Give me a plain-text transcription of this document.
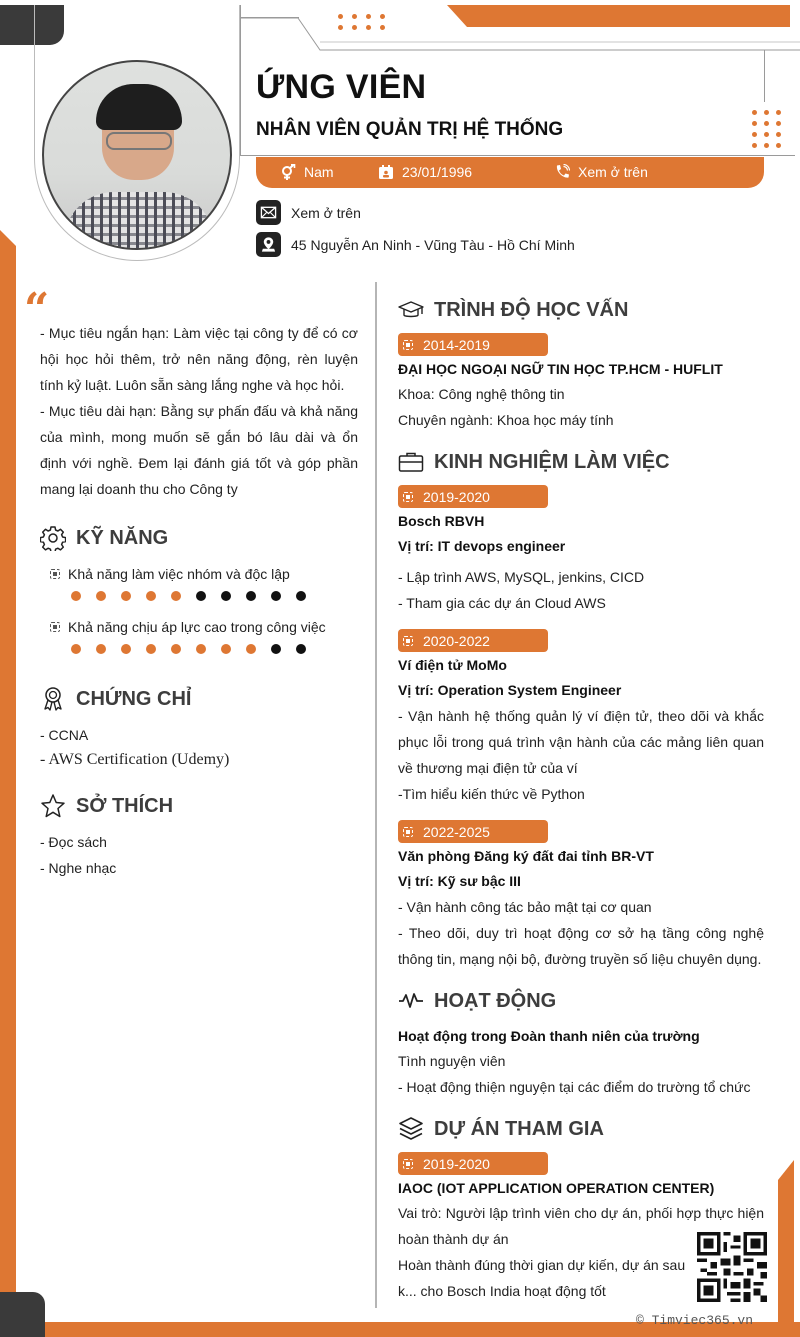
ỨNG VIÊN
NHÂN VIÊN QUẢN TRỊ HỆ THỐNG
Nam	23/01/1996	Xem ở trên
Xem ở trên
45 Nguyễn An Ninh - Vũng Tàu - Hồ Chí Minh
“
- Mục tiêu ngắn hạn: Làm việc tại công ty để có cơ hội học hỏi thêm, trở nên năng động, rèn luyện tính kỷ luật. Luôn sẵn sàng lắng nghe và học hỏi.
- Mục tiêu dài hạn: Bằng sự phấn đấu và khả năng của mình, mong muốn sẽ gắn bó lâu dài và ổn định với nghề. Đem lại đánh giá tốt và góp phần mang lại doanh thu cho Công ty
KỸ NĂNG
Khả năng làm việc nhóm và độc lập
Khả năng chịu áp lực cao trong công việc
CHỨNG CHỈ
- CCNA
- AWS Certification (Udemy)
SỞ THÍCH
- Đọc sách
- Nghe nhạc
TRÌNH ĐỘ HỌC VẤN
2014-2019
ĐẠI HỌC NGOẠI NGỮ TIN HỌC TP.HCM - HUFLIT
Khoa: Công nghệ thông tin
Chuyên ngành: Khoa học máy tính
KINH NGHIỆM LÀM VIỆC
2019-2020
Bosch RBVH
Vị trí: IT devops engineer
- Lập trình AWS, MySQL, jenkins, CICD
- Tham gia các dự án Cloud AWS
2020-2022
Ví điện tử MoMo
Vị trí: Operation System Engineer
- Vận hành hệ thống quản lý ví điện tử, theo dõi và khắc phục lỗi trong quá trình vận hành của các mảng liên quan về thương mại điện tử của ví
-Tìm hiểu kiến thức về Python
2022-2025
Văn phòng Đăng ký đất đai tỉnh BR-VT
Vị trí: Kỹ sư bậc III
- Vận hành công tác bảo mật tại cơ quan
- Theo dõi, duy trì hoạt động cơ sở hạ tầng công nghệ thông tin, mạng nội bộ, đường truyền số liệu chuyên dụng.
HOẠT ĐỘNG
Hoạt động trong Đoàn thanh niên của trường
Tình nguyện viên
- Hoạt động thiện nguyện tại các điểm do trường tổ chức
DỰ ÁN THAM GIA
2019-2020
IAOC (IOT APPLICATION OPERATION CENTER)
Vai trò: Người lập trình viên cho dự án, phối hợp thực hiện hoàn thành dự án
Hoàn thành đúng thời gian dự kiến, dự án sau k... cho Bosch India hoạt động tốt
© Timviec365.vn
